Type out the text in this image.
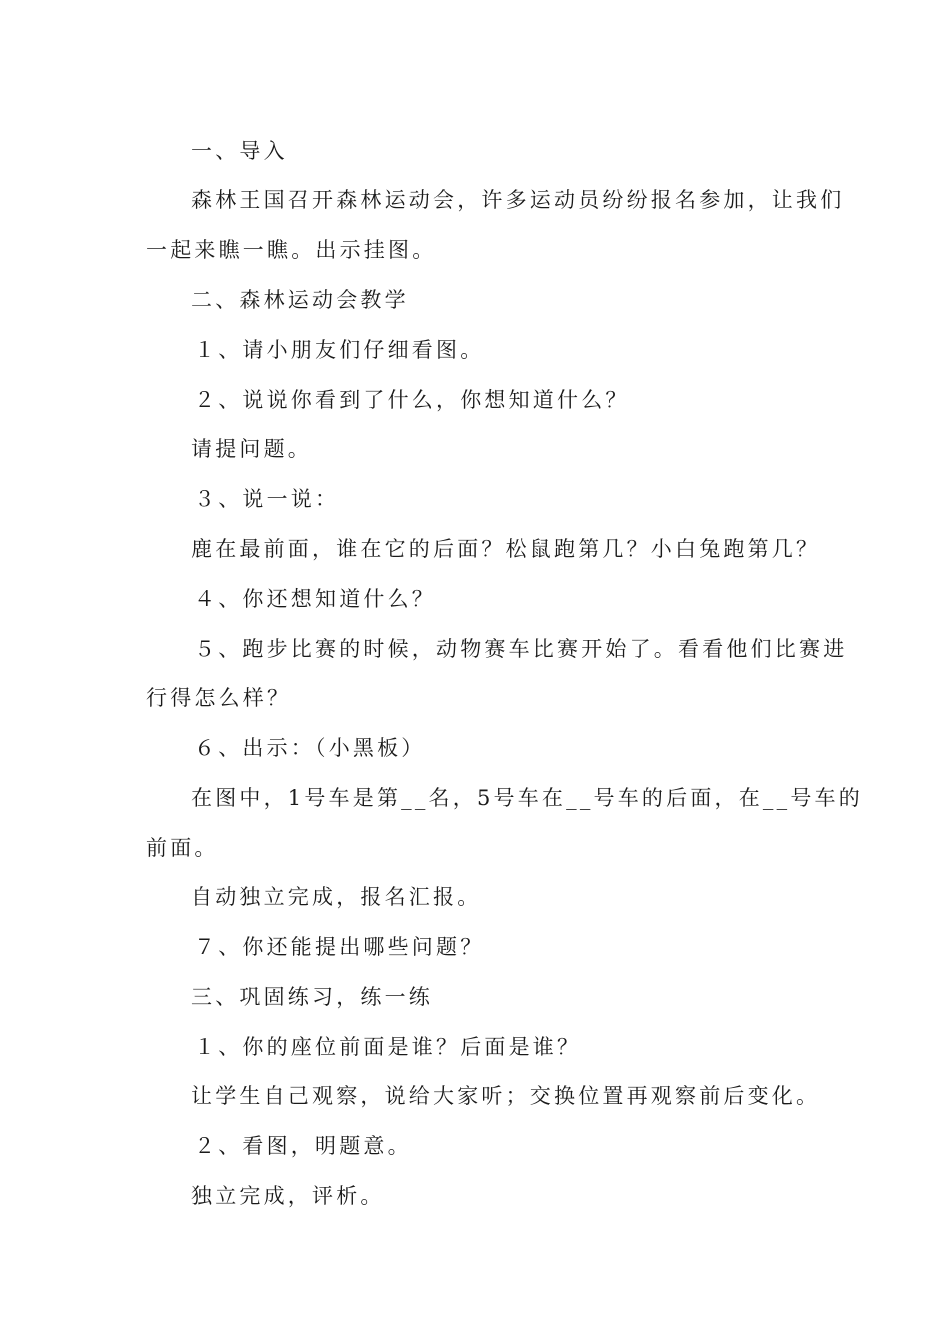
一、导入
森林王国召开森林运动会，许多运动员纷纷报名参加，让我们
一起来瞧一瞧。出示挂图。
二、森林运动会教学
１、请小朋友们仔细看图。
２、说说你看到了什么，你想知道什么？
请提问题。
３、说一说：
鹿在最前面，谁在它的后面？松鼠跑第几？小白兔跑第几？
４、你还想知道什么？
５、跑步比赛的时候，动物赛车比赛开始了。看看他们比赛进
行得怎么样？
６、出示：（小黑板）
在图中，1号车是第__名，5号车在__号车的后面，在__号车的
前面。
自动独立完成，报名汇报。
７、你还能提出哪些问题？
三、巩固练习，练一练
１、你的座位前面是谁？后面是谁？
让学生自己观察，说给大家听；交换位置再观察前后变化。
２、看图，明题意。
独立完成，评析。
